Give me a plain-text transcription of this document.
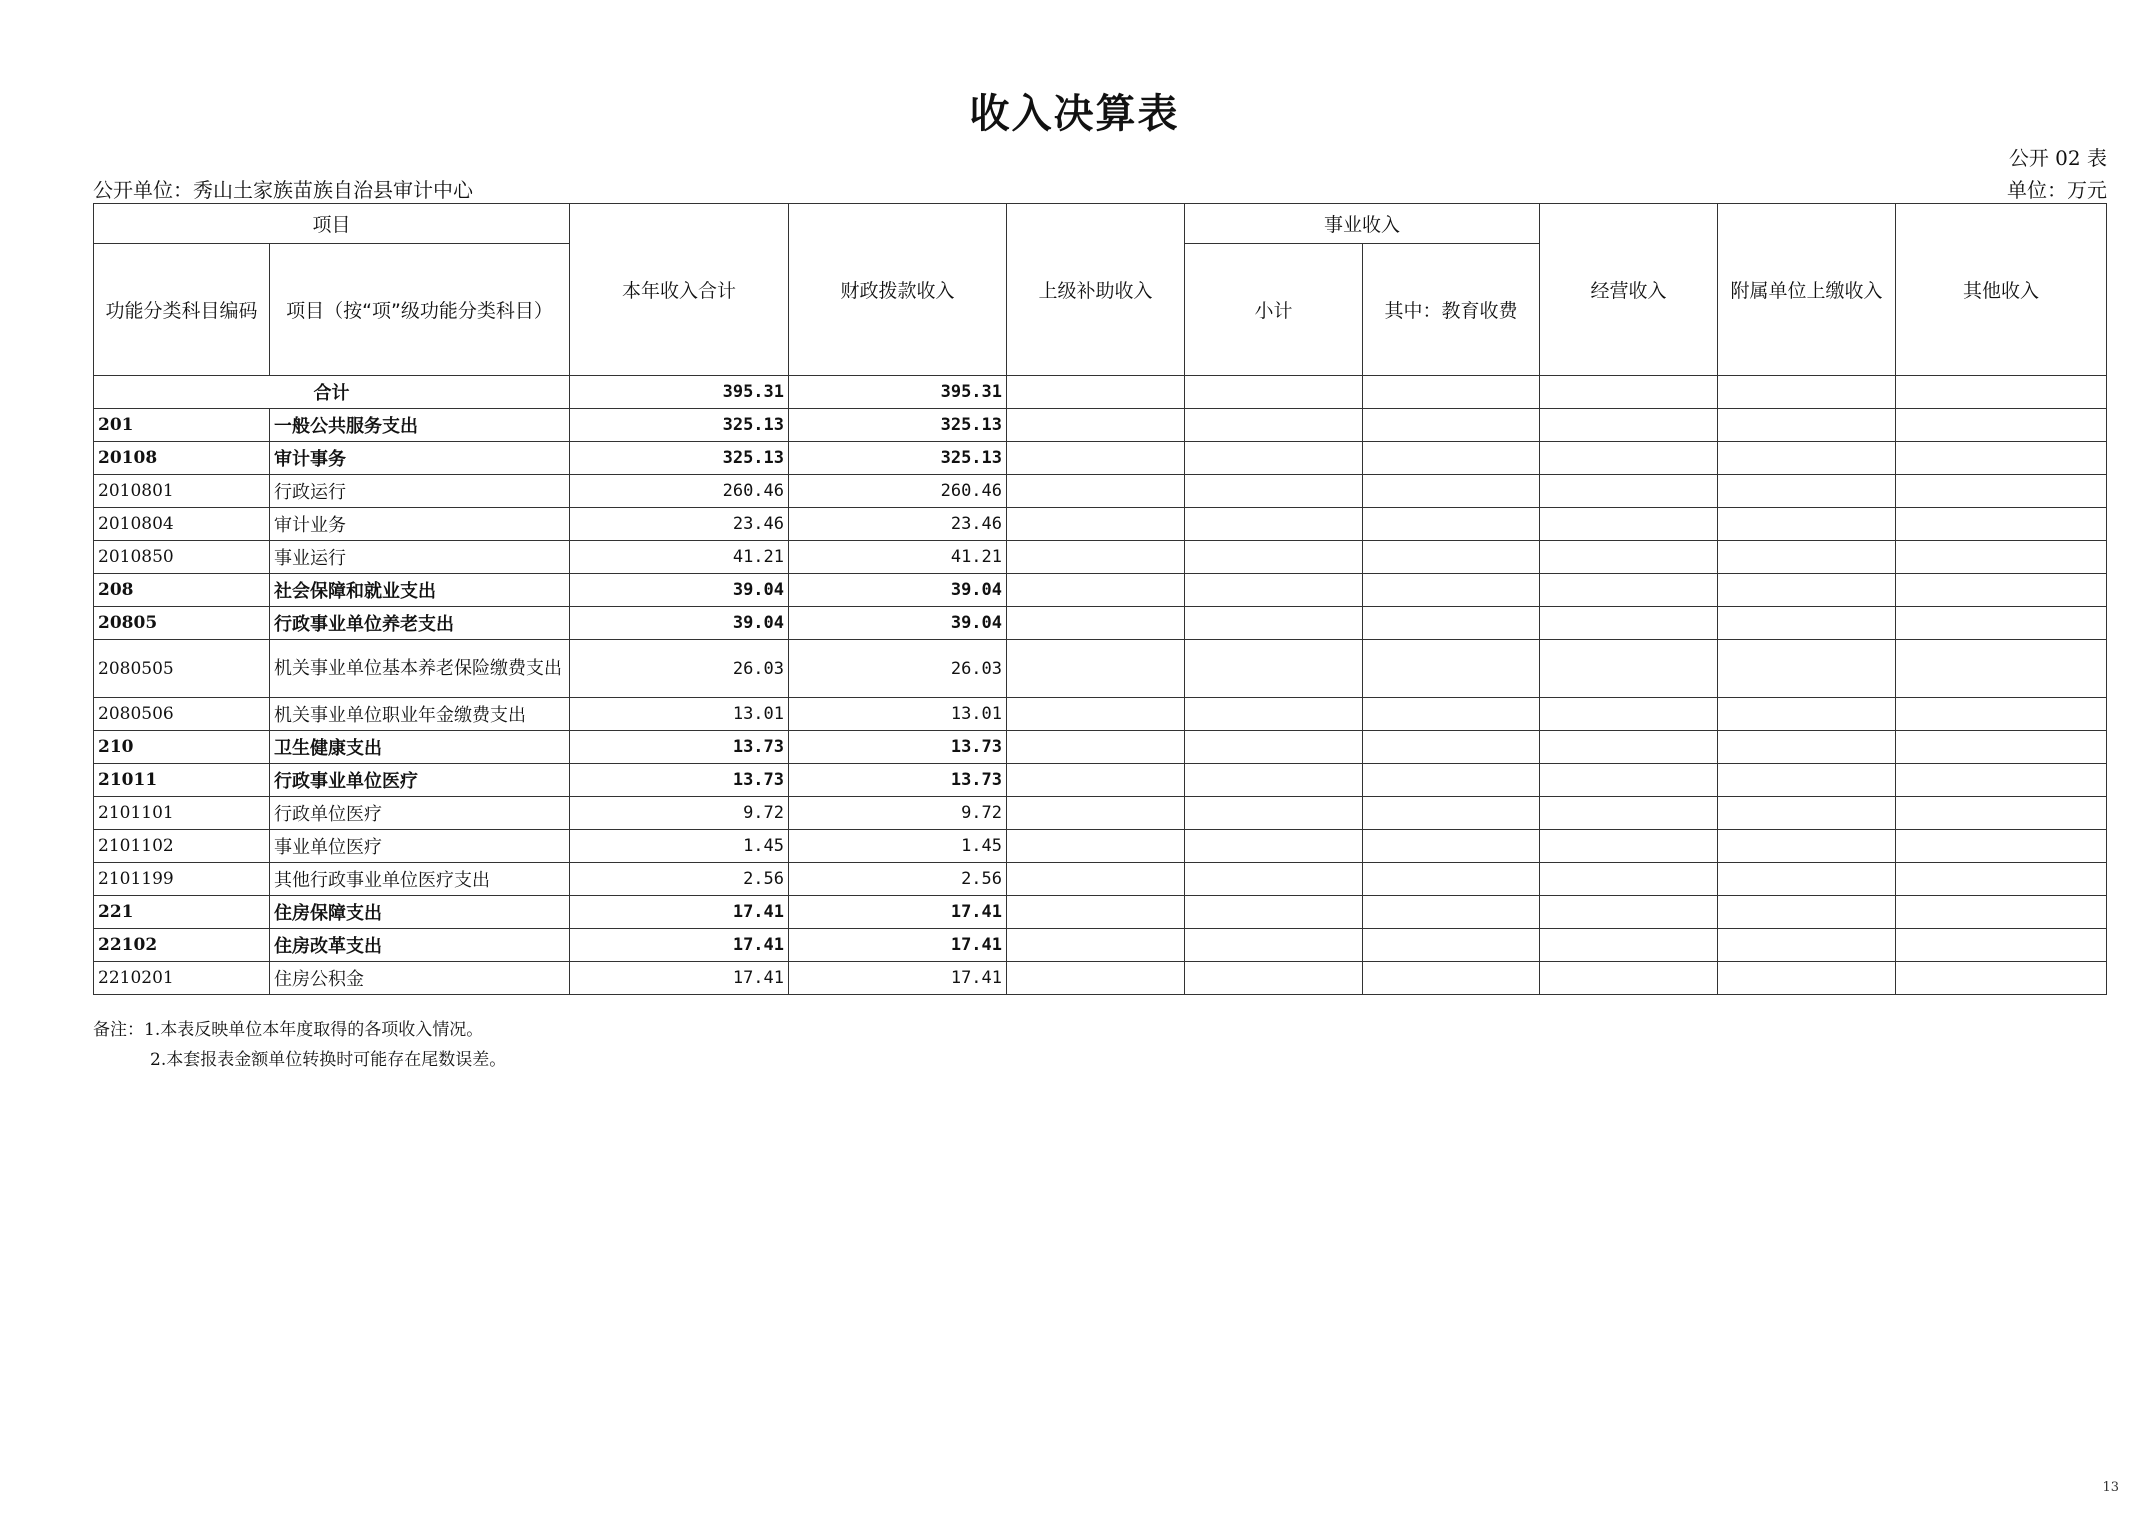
收入决算表
公开 02 表
公开单位：秀山土家族苗族自治县审计中心	单位：万元
项目		本年收入合计	财政拨款收入	上级补助收入	事业收入		经营收入	附属单位上缴收入	其他收入
功能分类科目编码	项目（按“项”级功能分类科目）				小计	其中：教育收费			
合计		395.31	395.31						
201	一般公共服务支出	325.13	325.13						
20108	审计事务	325.13	325.13						
2010801	行政运行	260.46	260.46						
2010804	审计业务	23.46	23.46						
2010850	事业运行	41.21	41.21						
208	社会保障和就业支出	39.04	39.04						
20805	行政事业单位养老支出	39.04	39.04						
2080505	机关事业单位基本养老保险缴费支出	26.03	26.03						
2080506	机关事业单位职业年金缴费支出	13.01	13.01						
210	卫生健康支出	13.73	13.73						
21011	行政事业单位医疗	13.73	13.73						
2101101	行政单位医疗	9.72	9.72						
2101102	事业单位医疗	1.45	1.45						
2101199	其他行政事业单位医疗支出	2.56	2.56						
221	住房保障支出	17.41	17.41						
22102	住房改革支出	17.41	17.41						
2210201	住房公积金	17.41	17.41						
备注：1.本表反映单位本年度取得的各项收入情况。
2.本套报表金额单位转换时可能存在尾数误差。
13
